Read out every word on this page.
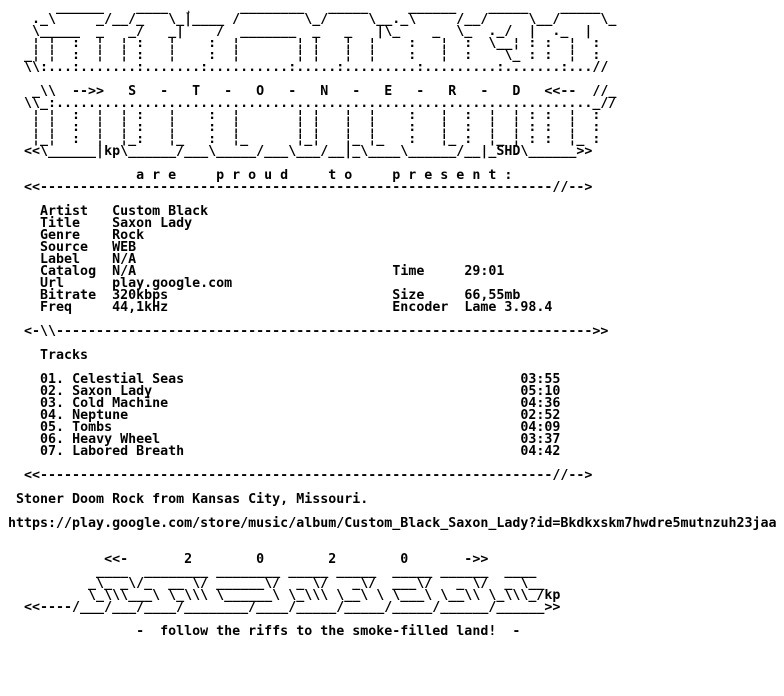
______    ____  ¸      ________   _____     ______    _____    _____
._\     _/__/_   \_|____ /        \_/     \__._\     /__/     \__/     \_
\_____  _   _/   _|    /  _______  _   _   |\_    _  \_  ._/  |  ._  |
¦ ¦  :  ¦  ¦ :   ¦    :  ¦       ¦ ¦   ¦  ¦    :   ¦  :  \__¦ : :  ¦  :
_¦ ¦  :  ¦  ¦ :   ¦    :  ¦       ¦ ¦   ¦  ¦    :   ¦  :    \_ : :  ¦  :
\\:...:.......:.......:..........:.....:.........:.........:.......:...//
_\\  -->>   S   -   T   -   O   -   N   -   E   -   R   -   D   <<--  //_
\\_:..................................................................._//
¦ ¦  :  ¦  ¦ :   ¦    :  ¦       ¦ ¦   ¦  ¦    :   ¦  :  ¦  ¦ : :  ¦  :
¦ ¦  :  ¦  ¦ :   ¦    :  ¦       ¦ ¦   ¦  ¦    :   ¦  :  ¦  ¦ : :  ¦  :
¦_¦  :  ¦  ¦_:   ¦_   :  ¦_      ¦_¦   ¦_ ¦_   :   ¦_ :  ¦_ ¦ : :  ¦_ :
<<\______|kp\______/___\_____/___\___/__|_\____\______/__|_SHD\______>>
a r e     p r o u d     t o     p r e s e n t :
<<----------------------------------------------------------------//-->
Artist Custom Black
Title Saxon Lady
Genre Rock
Source WEB
Label N/A
Catalog N/A	Time	29:01
Url	play.google.com
Bitrate 320kbps	Size	66,55mb
Freq	44,1kHz	Encoder Lame 3.98.4
<-\\------------------------------------------------------------------->>
Tracks
01. Celestial Seas	03:55
02. Saxon Lady	05:10
03. Cold Machine	04:36
04. Neptune	02:52
05. Tombs	04:09
06. Heavy Wheel	03:37
07. Labored Breath	04:42
<<----------------------------------------------------------------//-->
Stoner Doom Rock from Kansas City, Missouri.
https://play.google.com/store/music/album/Custom_Black_Saxon_Lady?id=Bkdkxskm7hwdre5mutnzuh23jaa
<<-       2        0        2        0       ->>
____  ________ ________ _____ _____  _____ ______  ____
_\_ _\/_  __ \/ ______\/  _ \/   _\/  ___\/   _ \/  _ \__
\_\\\___\ \_\\\ \______\ \_\\\ \__\ \ \___\ \__\\ \_\\\_/kp
<<----/___/___/____/________/____/_____/_____/_____/______/______>>
-  follow the riffs to the smoke-filled land!  -
